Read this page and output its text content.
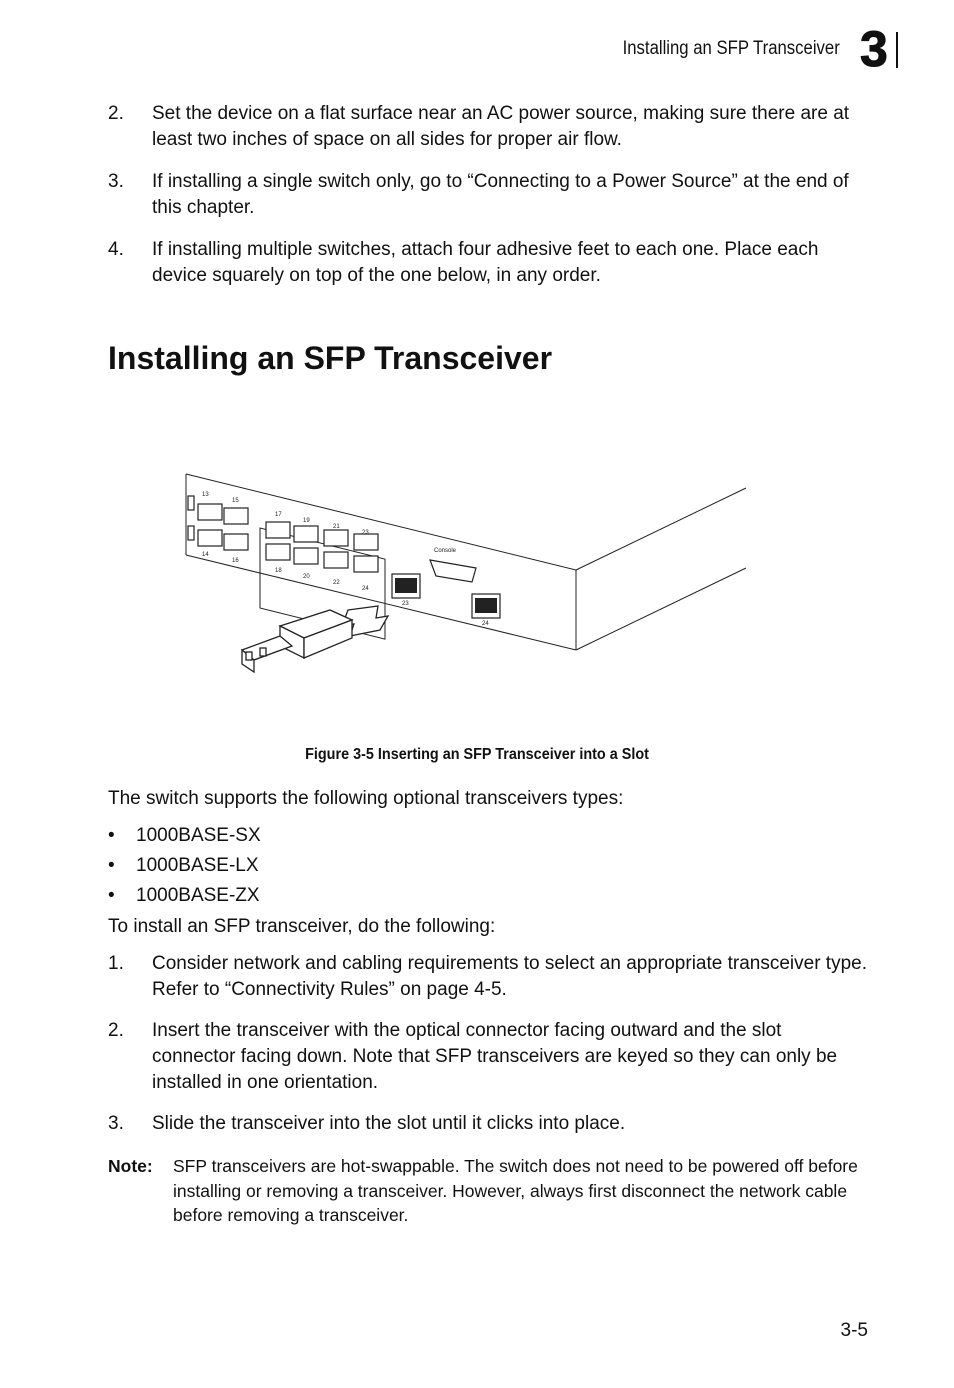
Installing an SFP Transceiver 3
2. Set the device on a flat surface near an AC power source, making sure there are at least two inches of space on all sides for proper air flow.
3. If installing a single switch only, go to “Connecting to a Power Source” at the end of this chapter.
4. If installing multiple switches, attach four adhesive feet to each one. Place each device squarely on top of the one below, in any order.
Installing an SFP Transceiver
13
15
14
16
17
19
21
23
18
20
22
24
Console
23
24
Figure 3-5 Inserting an SFP Transceiver into a Slot
The switch supports the following optional transceivers types:
• 1000BASE-SX
• 1000BASE-LX
• 1000BASE-ZX
To install an SFP transceiver, do the following:
1. Consider network and cabling requirements to select an appropriate transceiver type. Refer to “Connectivity Rules” on page 4-5.
2. Insert the transceiver with the optical connector facing outward and the slot connector facing down. Note that SFP transceivers are keyed so they can only be installed in one orientation.
3. Slide the transceiver into the slot until it clicks into place.
Note: SFP transceivers are hot-swappable. The switch does not need to be powered off before installing or removing a transceiver. However, always first disconnect the network cable before removing a transceiver.
3-5
